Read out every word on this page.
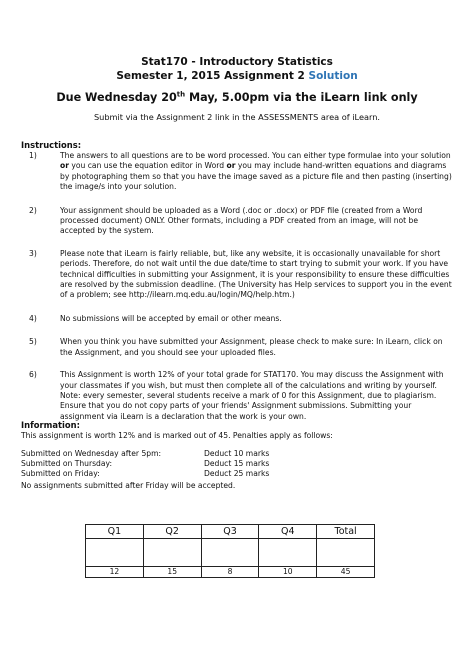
Stat170 - Introductory Statistics
Semester 1, 2015 Assignment 2 Solution
Due Wednesday 20th May, 5.00pm via the iLearn link only
Submit via the Assignment 2 link in the ASSESSMENTS area of iLearn.
Instructions:
1)	The answers to all questions are to be word processed. You can either type formulae into your solution or you can use the equation editor in Word or you may include hand-written equations and diagrams by photographing them so that you have the image saved as a picture file and then pasting (inserting) the image/s into your solution.
2)	Your assignment should be uploaded as a Word (.doc or .docx) or PDF file (created from a Word processed document) ONLY. Other formats, including a PDF created from an image, will not be accepted by the system.
3)	Please note that iLearn is fairly reliable, but, like any website, it is occasionally unavailable for short periods. Therefore, do not wait until the due date/time to start trying to submit your work. If you have technical difficulties in submitting your Assignment, it is your responsibility to ensure these difficulties are resolved by the submission deadline. (The University has Help services to support you in the event of a problem; see http://ilearn.mq.edu.au/login/MQ/help.htm.)
4)	No submissions will be accepted by email or other means.
5)	When you think you have submitted your Assignment, please check to make sure: In iLearn, click on the Assignment, and you should see your uploaded files.
6)	This Assignment is worth 12% of your total grade for STAT170. You may discuss the Assignment with your classmates if you wish, but must then complete all of the calculations and writing by yourself. Note: every semester, several students receive a mark of 0 for this Assignment, due to plagiarism. Ensure that you do not copy parts of your friends' Assignment submissions. Submitting your assignment via iLearn is a declaration that the work is your own.
Information:
This assignment is worth 12% and is marked out of 45. Penalties apply as follows:
Submitted on Wednesday after 5pm:	Deduct 10 marks
Submitted on Thursday:	Deduct 15 marks
Submitted on Friday:	Deduct 25 marks
No assignments submitted after Friday will be accepted.
Q1	Q2	Q3	Q4	Total

12	15	8	10	45
